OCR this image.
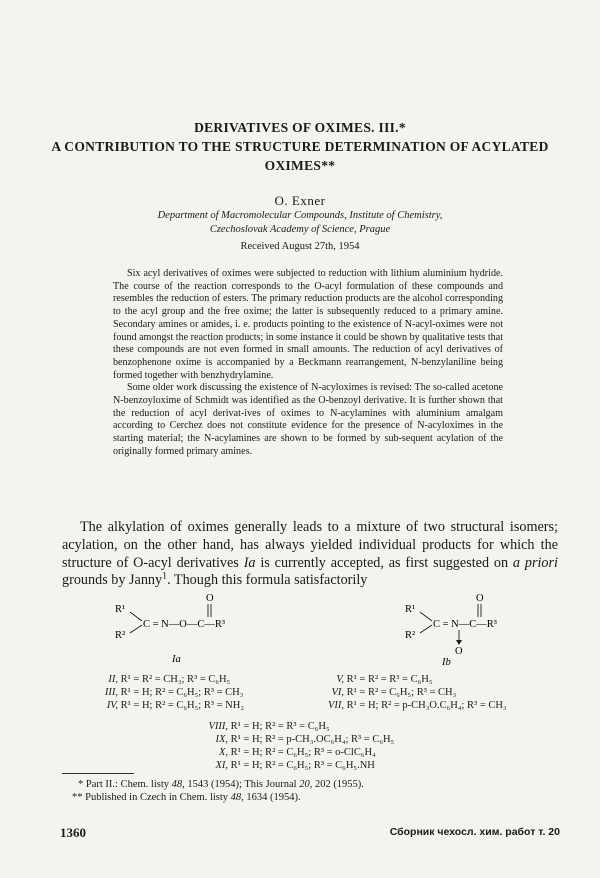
DERIVATIVES OF OXIMES. III.*
A CONTRIBUTION TO THE STRUCTURE DETERMINATION OF ACYLATED
OXIMES**
O. Exner
Department of Macromolecular Compounds, Institute of Chemistry,
Czechoslovak Academy of Science, Prague
Received August 27th, 1954

Six acyl derivatives of oximes were subjected to reduction with lithium aluminium hydride. The course of the reaction corresponds to the O-acyl formulation of these compounds and resembles the reduction of esters. The primary reduction products are the alcohol corresponding to the acyl group and the free oxime; the latter is subsequently reduced to a primary amine. Secondary amines or amides, i. e. products pointing to the existence of N-acyl-oximes were not found amongst the reaction products; in some instance it could be shown by qualitative tests that these compounds are not even formed in small amounts. The reduction of acyl derivatives of benzophenone oxime is accompanied by a Beckmann rearrangement, N-benzylaniline being formed together with benzhydrylamine.

Some older work discussing the existence of N-acyloximes is revised: The so-called acetone N-benzoyloxime of Schmidt was identified as the O-benzoyl derivative. It is further shown that the reduction of acyl derivat-ives of oximes to N-acylamines with aluminium amalgam according to Cerchez does not constitute evidence for the presence of N-acyloximes in the starting material; the N-acylamines are shown to be formed by sub-sequent acylation of the originally formed primary amines.

The alkylation of oximes generally leads to a mixture of two structural isomers; acylation, on the other hand, has always yielded individual products for which the structure of O-acyl derivatives Ia is currently accepted, as first suggested on a priori grounds by Janny$^1$. Though this formula satisfactorily

R¹
R²
C = N—O—C—R³
O
Ia
R¹
R²
C = N—C—R³
O
O
Ib
II, R¹ = R² = CH₃; R³ = C₆H₅
III, R¹ = H; R² = C₆H₅; R³ = CH₃
IV, R¹ = H; R² = C₆H₅; R³ = NH₂
V, R¹ = R² = R³ = C₆H₅
VI, R¹ = R² = C₆H₅; R³ = CH₃
VII, R¹ = H; R² = p-CH₃O.C₆H₄; R³ = CH₃
VIII, R¹ = H; R² = R³ = C₆H₅
IX, R¹ = H; R² = p-CH₃.OC₆H₄; R³ = C₆H₅
X, R¹ = H; R² = C₆H₅; R³ = o-ClC₆H₄
XI, R¹ = H; R² = C₆H₅; R³ = C₆H₅.NH
* Part II.: Chem. listy 48, 1543 (1954); This Journal 20, 202 (1955).
** Published in Czech in Chem. listy 48, 1634 (1954).
1360	Сборник чехосл. хим. работ т. 20
